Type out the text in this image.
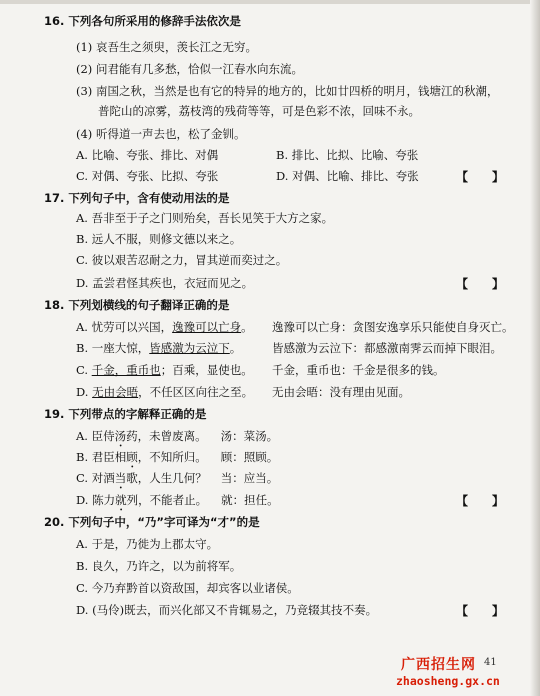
16. 下列各句所采用的修辞手法依次是
(1) 哀吾生之须臾，羡长江之无穷。
(2) 问君能有几多愁，恰似一江春水向东流。
(3) 南国之秋，当然是也有它的特异的地方的，比如廿四桥的明月，钱塘江的秋潮，
普陀山的凉雾，荔枝湾的残荷等等，可是色彩不浓，回味不永。
(4) 听得道一声去也，松了金钏。
A. 比喻、夸张、排比、对偶	B. 排比、比拟、比喻、夸张
C. 对偶、夸张、比拟、夸张	D. 对偶、比喻、排比、夸张	【　　】
17. 下列句子中，含有使动用法的是
A. 吾非至于子之门则殆矣，吾长见笑于大方之家。
B. 远人不服，则修文德以来之。
C. 彼以艰苦忍耐之力，冒其逆而奕过之。
D. 孟尝君怪其疾也，衣冠而见之。	【　　】
18. 下列划横线的句子翻译正确的是
A. 忧劳可以兴国，逸豫可以亡身。 逸豫可以亡身：贪图安逸享乐只能使自身灭亡。
B. 一座大惊，皆感激为云泣下。	皆感激为云泣下：都感激南霁云而掉下眼泪。
C. 千金，重币也；百乘，显使也。 千金，重币也：千金是很多的钱。
D. 无由会晤，不任区区向往之至。 无由会晤：没有理由见面。
19. 下列带点的字解释正确的是
A. 臣侍汤药，未曾废离。 汤：菜汤。
B. 君臣相顾，不知所归。 顾：照顾。
C. 对酒当歌，人生几何？ 当：应当。
D. 陈力就列，不能者止。 就：担任。	【　　】
20. 下列句子中，“乃”字可译为“才”的是
A. 于是，乃徙为上郡太守。
B. 良久，乃许之，以为前将军。
C. 今乃弃黔首以资敌国，却宾客以业诸侯。
D. (马伶)既去，而兴化部又不肯辄易之，乃竞辍其技不奏。	【　　】
广西招生网 41
zhaosheng.gx.cn
